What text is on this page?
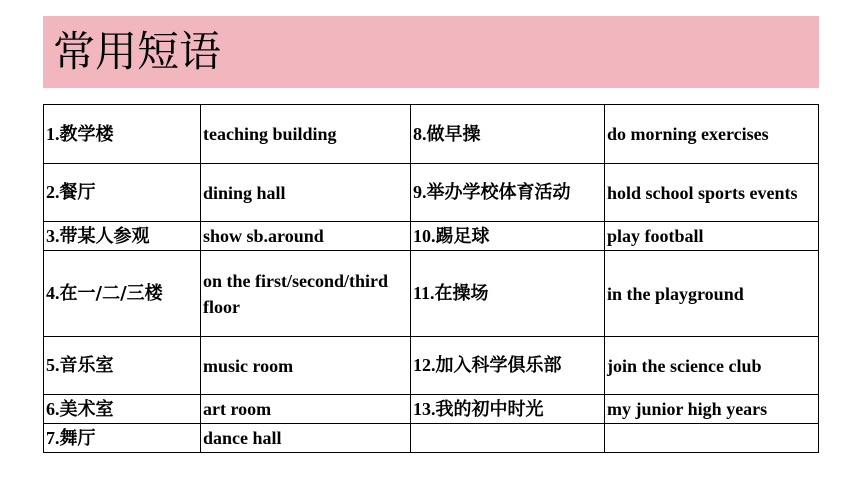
常用短语
1.教学楼	teaching building	8.做早操	do morning exercises
2.餐厅	dining hall	9.举办学校体育活动	hold school sports events
3.带某人参观	show sb.around	10.踢足球	play football
4.在一/二/三楼	on the first/second/third floor	11.在操场	in the playground
5.音乐室	music room	12.加入科学俱乐部	join the science club
6.美术室	art room	13.我的初中时光	my junior high years
7.舞厅	dance hall		
